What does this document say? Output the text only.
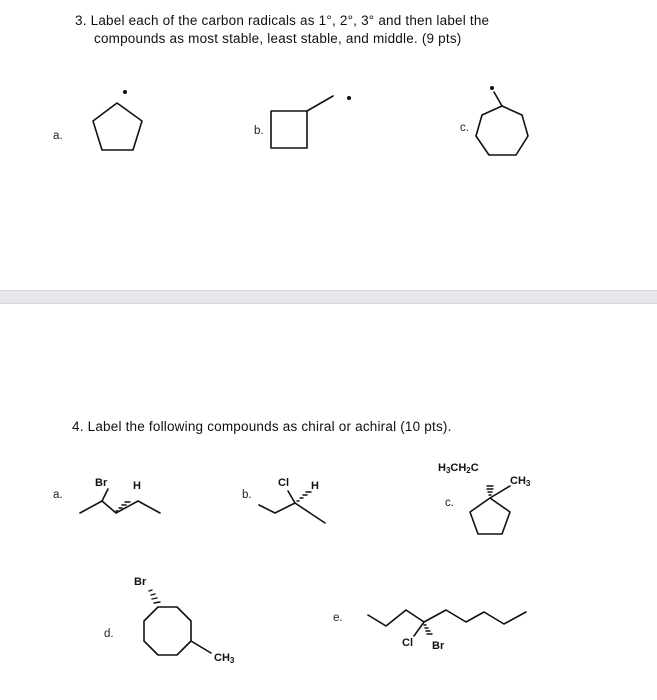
3. Label each of the carbon radicals as 1°, 2°, 3° and then label the
compounds as most stable, least stable, and middle. (9 pts)
a.	b.	c.
4. Label the following compounds as chiral or achiral (10 pts).
a.
Br H
b.
Cl H
$H_3CH_2C$
$CH_3$
c.
d.
Br
$CH_3$
e.
Cl Br
